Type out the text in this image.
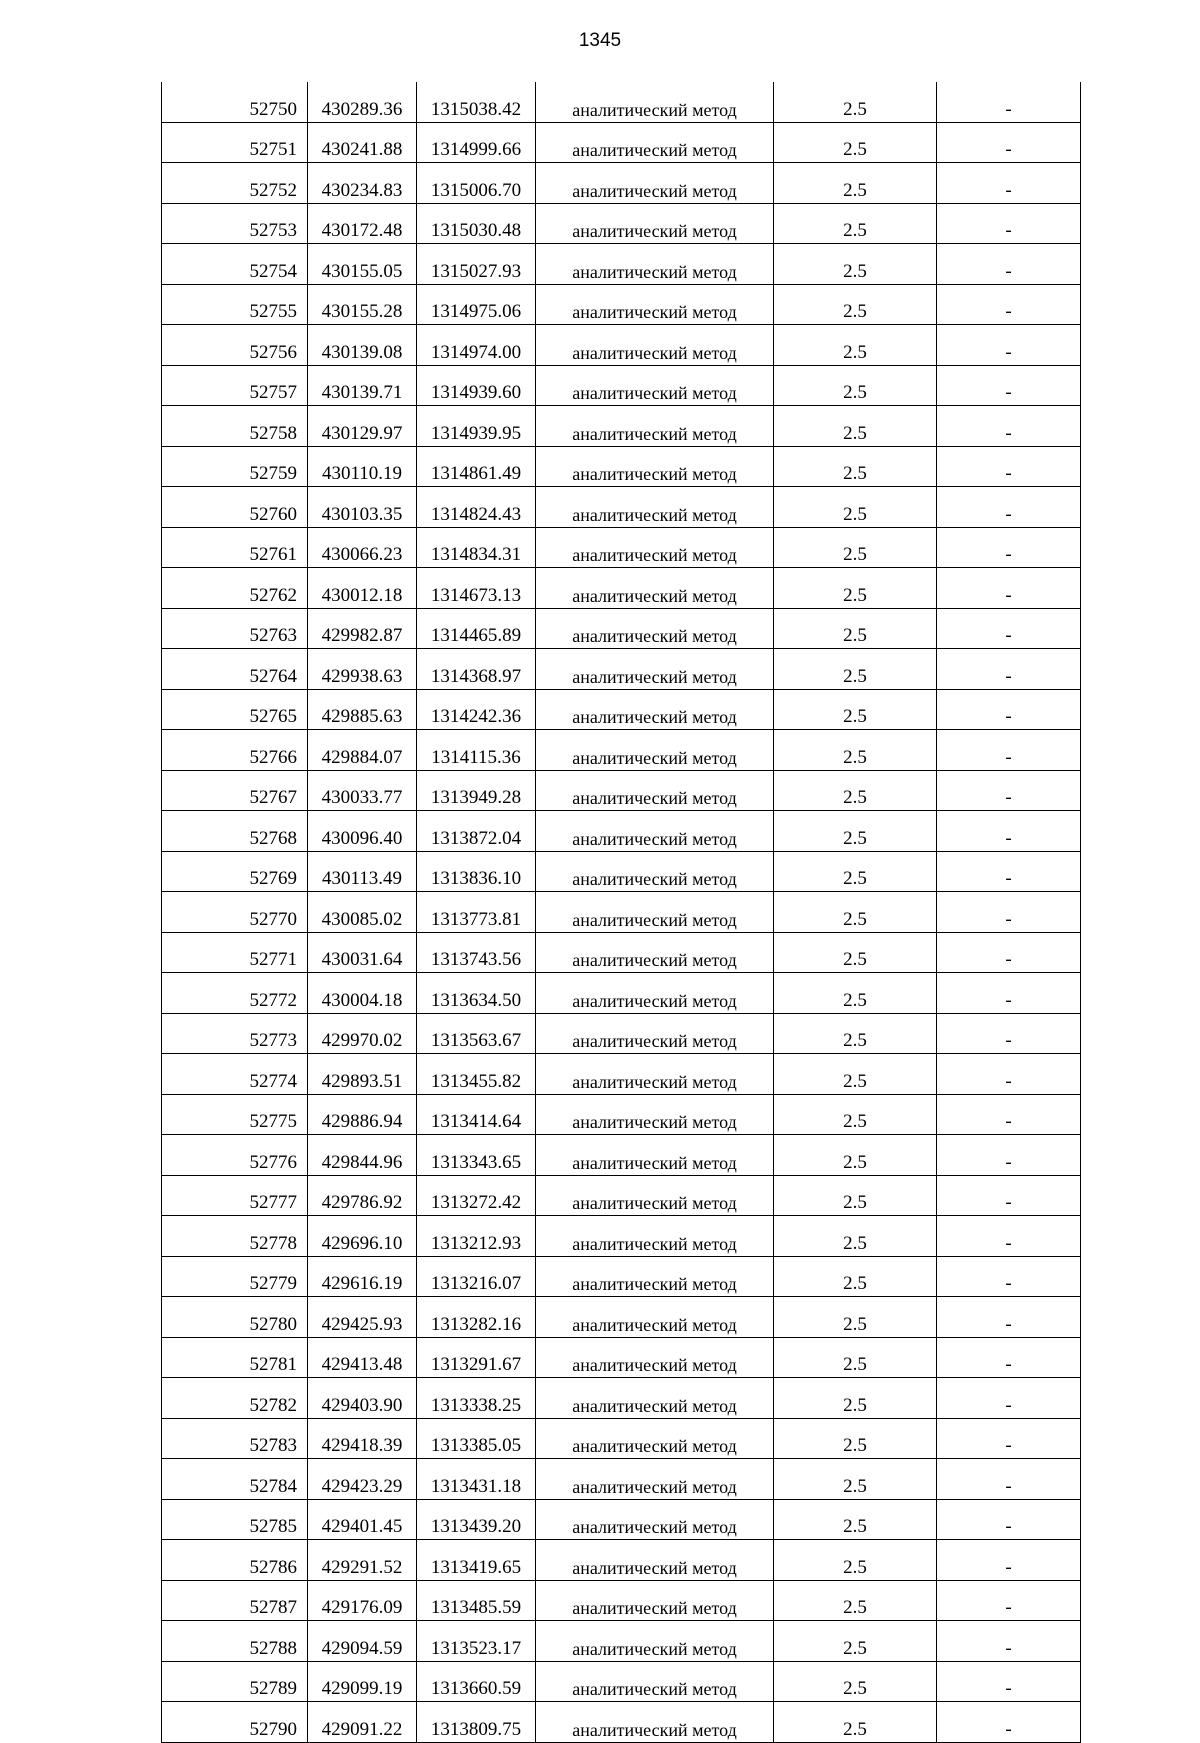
1345
52750	430289.36	1315038.42	аналитический метод	2.5	-
52751	430241.88	1314999.66	аналитический метод	2.5	-
52752	430234.83	1315006.70	аналитический метод	2.5	-
52753	430172.48	1315030.48	аналитический метод	2.5	-
52754	430155.05	1315027.93	аналитический метод	2.5	-
52755	430155.28	1314975.06	аналитический метод	2.5	-
52756	430139.08	1314974.00	аналитический метод	2.5	-
52757	430139.71	1314939.60	аналитический метод	2.5	-
52758	430129.97	1314939.95	аналитический метод	2.5	-
52759	430110.19	1314861.49	аналитический метод	2.5	-
52760	430103.35	1314824.43	аналитический метод	2.5	-
52761	430066.23	1314834.31	аналитический метод	2.5	-
52762	430012.18	1314673.13	аналитический метод	2.5	-
52763	429982.87	1314465.89	аналитический метод	2.5	-
52764	429938.63	1314368.97	аналитический метод	2.5	-
52765	429885.63	1314242.36	аналитический метод	2.5	-
52766	429884.07	1314115.36	аналитический метод	2.5	-
52767	430033.77	1313949.28	аналитический метод	2.5	-
52768	430096.40	1313872.04	аналитический метод	2.5	-
52769	430113.49	1313836.10	аналитический метод	2.5	-
52770	430085.02	1313773.81	аналитический метод	2.5	-
52771	430031.64	1313743.56	аналитический метод	2.5	-
52772	430004.18	1313634.50	аналитический метод	2.5	-
52773	429970.02	1313563.67	аналитический метод	2.5	-
52774	429893.51	1313455.82	аналитический метод	2.5	-
52775	429886.94	1313414.64	аналитический метод	2.5	-
52776	429844.96	1313343.65	аналитический метод	2.5	-
52777	429786.92	1313272.42	аналитический метод	2.5	-
52778	429696.10	1313212.93	аналитический метод	2.5	-
52779	429616.19	1313216.07	аналитический метод	2.5	-
52780	429425.93	1313282.16	аналитический метод	2.5	-
52781	429413.48	1313291.67	аналитический метод	2.5	-
52782	429403.90	1313338.25	аналитический метод	2.5	-
52783	429418.39	1313385.05	аналитический метод	2.5	-
52784	429423.29	1313431.18	аналитический метод	2.5	-
52785	429401.45	1313439.20	аналитический метод	2.5	-
52786	429291.52	1313419.65	аналитический метод	2.5	-
52787	429176.09	1313485.59	аналитический метод	2.5	-
52788	429094.59	1313523.17	аналитический метод	2.5	-
52789	429099.19	1313660.59	аналитический метод	2.5	-
52790	429091.22	1313809.75	аналитический метод	2.5	-
